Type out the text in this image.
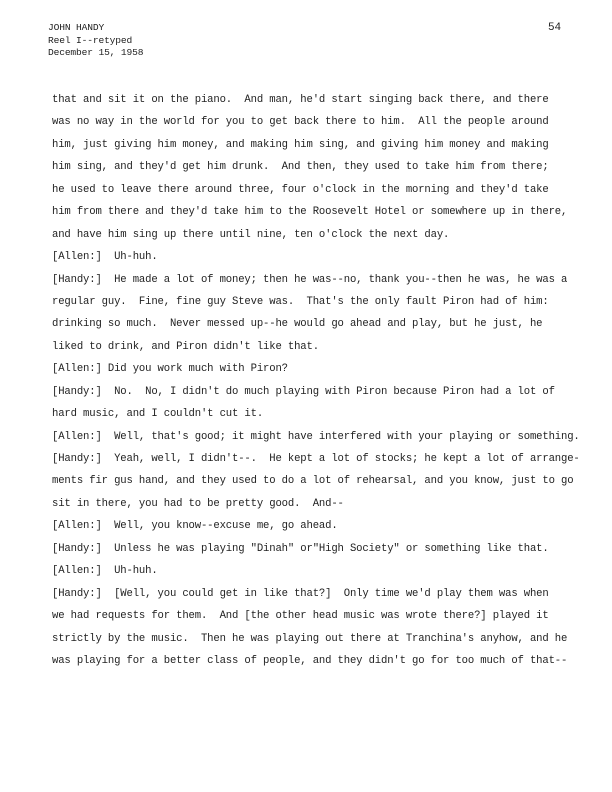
JOHN HANDY
Reel I--retyped
December 15, 1958
54
that and sit it on the piano.  And man, he'd start singing back there, and there
was no way in the world for you to get back there to him.  All the people around
him, just giving him money, and making him sing, and giving him money and making
him sing, and they'd get him drunk.  And then, they used to take him from there;
he used to leave there around three, four o'clock in the morning and they'd take
him from there and they'd take him to the Roosevelt Hotel or somewhere up in there,
and have him sing up there until nine, ten o'clock the next day.
[Allen:]  Uh-huh.
[Handy:]  He made a lot of money; then he was--no, thank you--then he was, he was a
regular guy.  Fine, fine guy Steve was.  That's the only fault Piron had of him:
drinking so much.  Never messed up--he would go ahead and play, but he just, he
liked to drink, and Piron didn't like that.
[Allen:] Did you work much with Piron?
[Handy:]  No.  No, I didn't do much playing with Piron because Piron had a lot of
hard music, and I couldn't cut it.
[Allen:]  Well, that's good; it might have interfered with your playing or something.
[Handy:]  Yeah, well, I didn't--.  He kept a lot of stocks; he kept a lot of arrange-
ments fir gus hand, and they used to do a lot of rehearsal, and you know, just to go
sit in there, you had to be pretty good.  And--
[Allen:]  Well, you know--excuse me, go ahead.
[Handy:]  Unless he was playing "Dinah" or"High Society" or something like that.
[Allen:]  Uh-huh.
[Handy:]  [Well, you could get in like that?]  Only time we'd play them was when
we had requests for them.  And [the other head music was wrote there?] played it
strictly by the music.  Then he was playing out there at Tranchina's anyhow, and he
was playing for a better class of people, and they didn't go for too much of that--
